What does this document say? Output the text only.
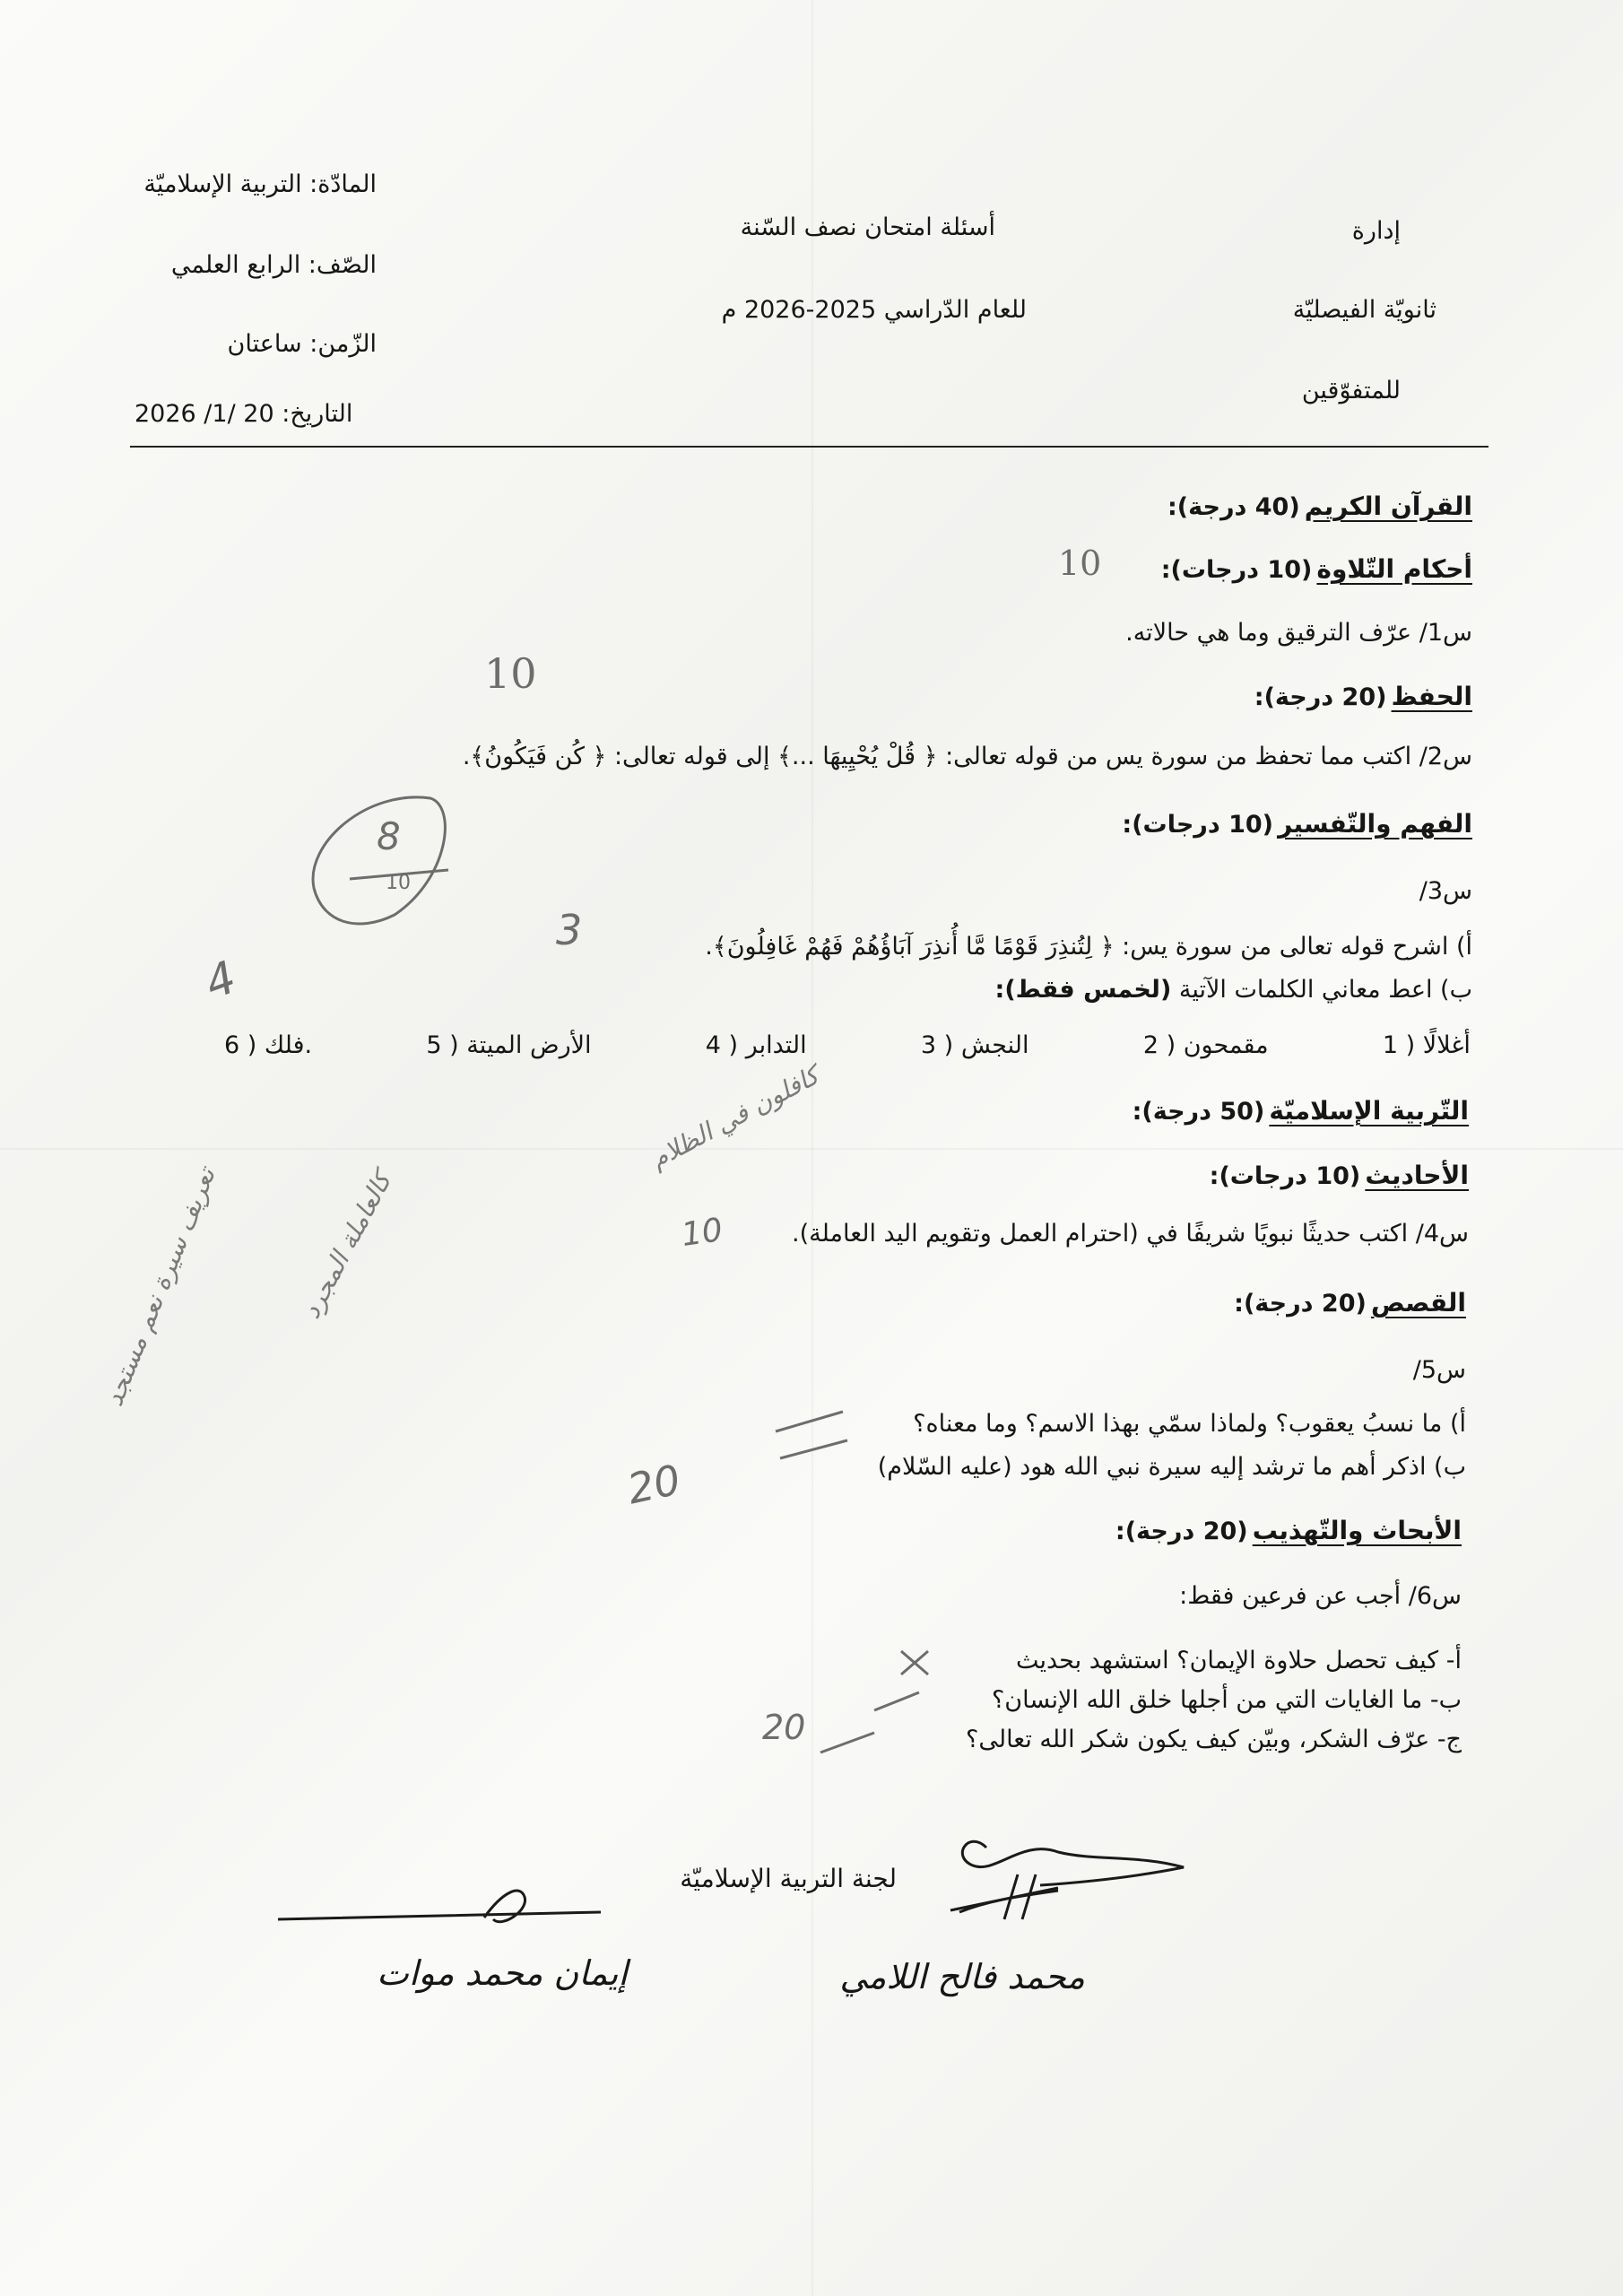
المادّة: التربية الإسلاميّة
الصّف: الرابع العلمي
الزّمن: ساعتان
التاريخ: 20 /1/ 2026
أسئلة امتحان نصف السّنة
للعام الدّراسي 2025-2026 م
إدارة
ثانويّة الفيصليّة
للمتفوّقين
القرآن الكريم (40 درجة):
أحكام التّلاوة (10 درجات):
س1/ عرّف الترقيق وما هي حالاته.
الحفظ (20 درجة):
س2/ اكتب مما تحفظ من سورة يس من قوله تعالى: ﴿ قُلْ يُحْيِيهَا ...﴾ إلى قوله تعالى: ﴿ كُن فَيَكُونُ﴾.
الفهم والتّفسير (10 درجات):
س3/
أ) اشرح قوله تعالى من سورة يس: ﴿ لِتُنذِرَ قَوْمًا مَّا أُنذِرَ آبَاؤُهُمْ فَهُمْ غَافِلُونَ﴾.
ب) اعط معاني الكلمات الآتية (لخمس فقط):
1 ) أغلالًا
2 ) مقمحون
3 ) النجش
4 ) التدابر
5 ) الأرض الميتة
6 ) فلك.
التّربية الإسلاميّة (50 درجة):
الأحاديث (10 درجات):
س4/ اكتب حديثًا نبويًا شريفًا في (احترام العمل وتقويم اليد العاملة).
القصص (20 درجة):
س5/
أ) ما نسبُ يعقوب؟ ولماذا سمّي بهذا الاسم؟ وما معناه؟
ب) اذكر أهم ما ترشد إليه سيرة نبي الله هود (عليه السّلام)
الأبحاث والتّهذيب (20 درجة):
س6/ أجب عن فرعين فقط:
أ- كيف تحصل حلاوة الإيمان؟ استشهد بحديث
ب- ما الغايات التي من أجلها خلق الله الإنسان؟
ج- عرّف الشكر، وبيّن كيف يكون شكر الله تعالى؟
لجنة التربية الإسلاميّة
محمد فالح اللامي
إيمان محمد موات
10
10
3
4
10
20
20
8
10
كافلون في الظلام
كالعاملة المجرد
تعريف سيرة نعم مستجد
